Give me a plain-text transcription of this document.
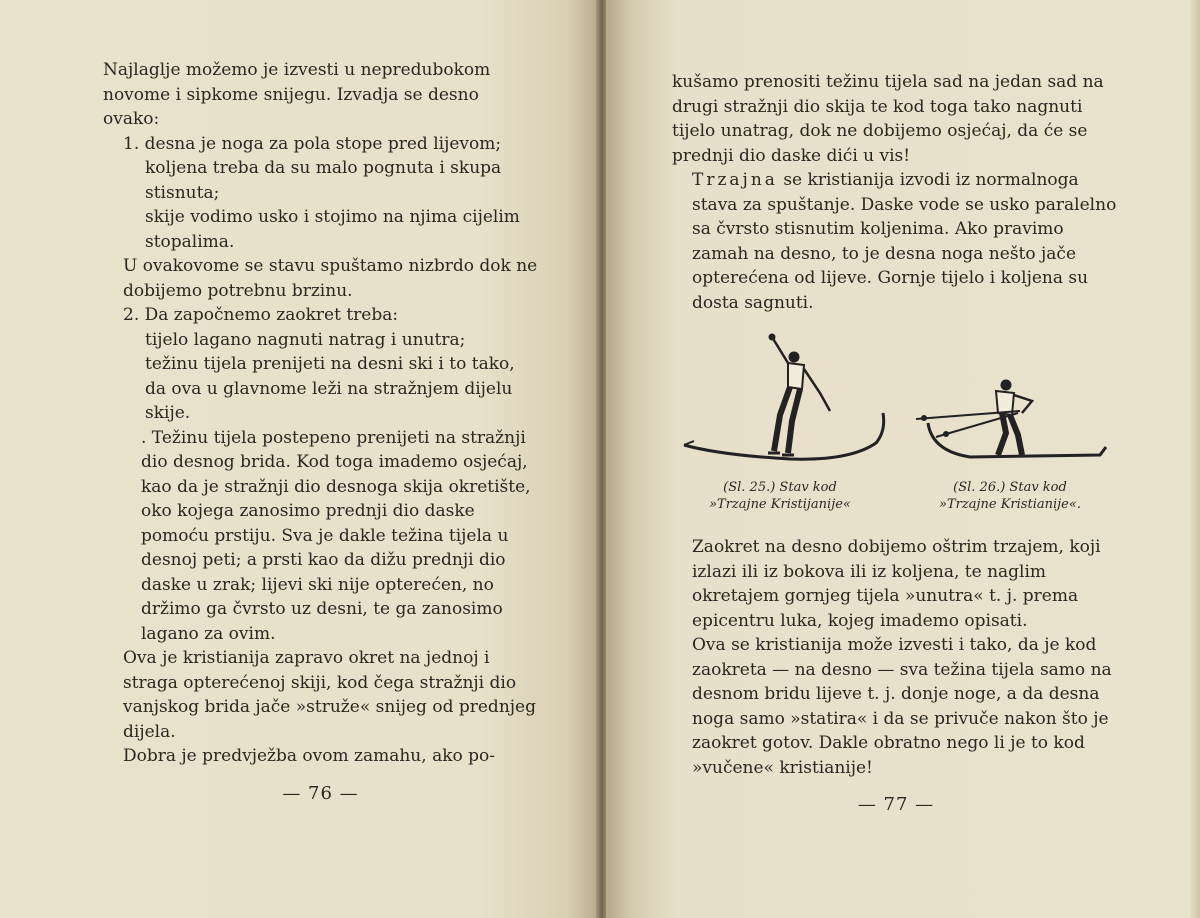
Najlaglje možemo je izvesti u nepredubokom novome i sipkome snijegu. Izvadja se desno ovako:

1. desna je noga za pola stope pred lijevom;

koljena treba da su malo pognuta i skupa stisnuta;

skije vodimo usko i stojimo na njima cijelim stopalima.

U ovakovome se stavu spuštamo nizbrdo dok ne dobijemo potrebnu brzinu.

2. Da započnemo zaokret treba:

tijelo lagano nagnuti natrag i unutra;

težinu tijela prenijeti na desni ski i to tako, da ova u glavnome leži na stražnjem dijelu skije.

. Težinu tijela postepeno prenijeti na stražnji dio desnog brida. Kod toga imademo osjećaj, kao da je stražnji dio desnoga skija okretište, oko kojega zanosimo prednji dio daske pomoću prstiju. Sva je dakle težina tijela u desnoj peti; a prsti kao da dižu prednji dio daske u zrak; lijevi ski nije opterećen, no držimo ga čvrsto uz desni, te ga zanosimo lagano za ovim.

Ova je kristianija zapravo okret na jednoj i straga opterećenoj skiji, kod čega stražnji dio vanjskog brida jače »struže« snijeg od prednjeg dijela.

Dobra je predvježba ovom zamahu, ako po-

— 76 —

kušamo prenositi težinu tijela sad na jedan sad na drugi stražnji dio skija te kod toga tako nagnuti tijelo unatrag, dok ne dobijemo osjećaj, da će se prednji dio daske dići u vis!

Trzajna se kristianija izvodi iz normalnoga stava za spuštanje. Daske vode se usko paralelno sa čvrsto stisnutim koljenima. Ako pravimo zamah na desno, to je desna noga nešto jače opterećena od lijeve. Gornje tijelo i koljena su dosta sagnuti.

(Sl. 25.) Stav kod
»Trzajne Kristijanije«
(Sl. 26.) Stav kod
»Trzajne Kristianije«.

Zaokret na desno dobijemo oštrim trzajem, koji izlazi ili iz bokova ili iz koljena, te naglim okretajem gornjeg tijela »unutra« t. j. prema epicentru luka, kojeg imademo opisati.

Ova se kristianija može izvesti i tako, da je kod zaokreta — na desno — sva težina tijela samo na desnom bridu lijeve t. j. donje noge, a da desna noga samo »statira« i da se privuče nakon što je zaokret gotov. Dakle obratno nego li je to kod »vučene« kristianije!

— 77 —
